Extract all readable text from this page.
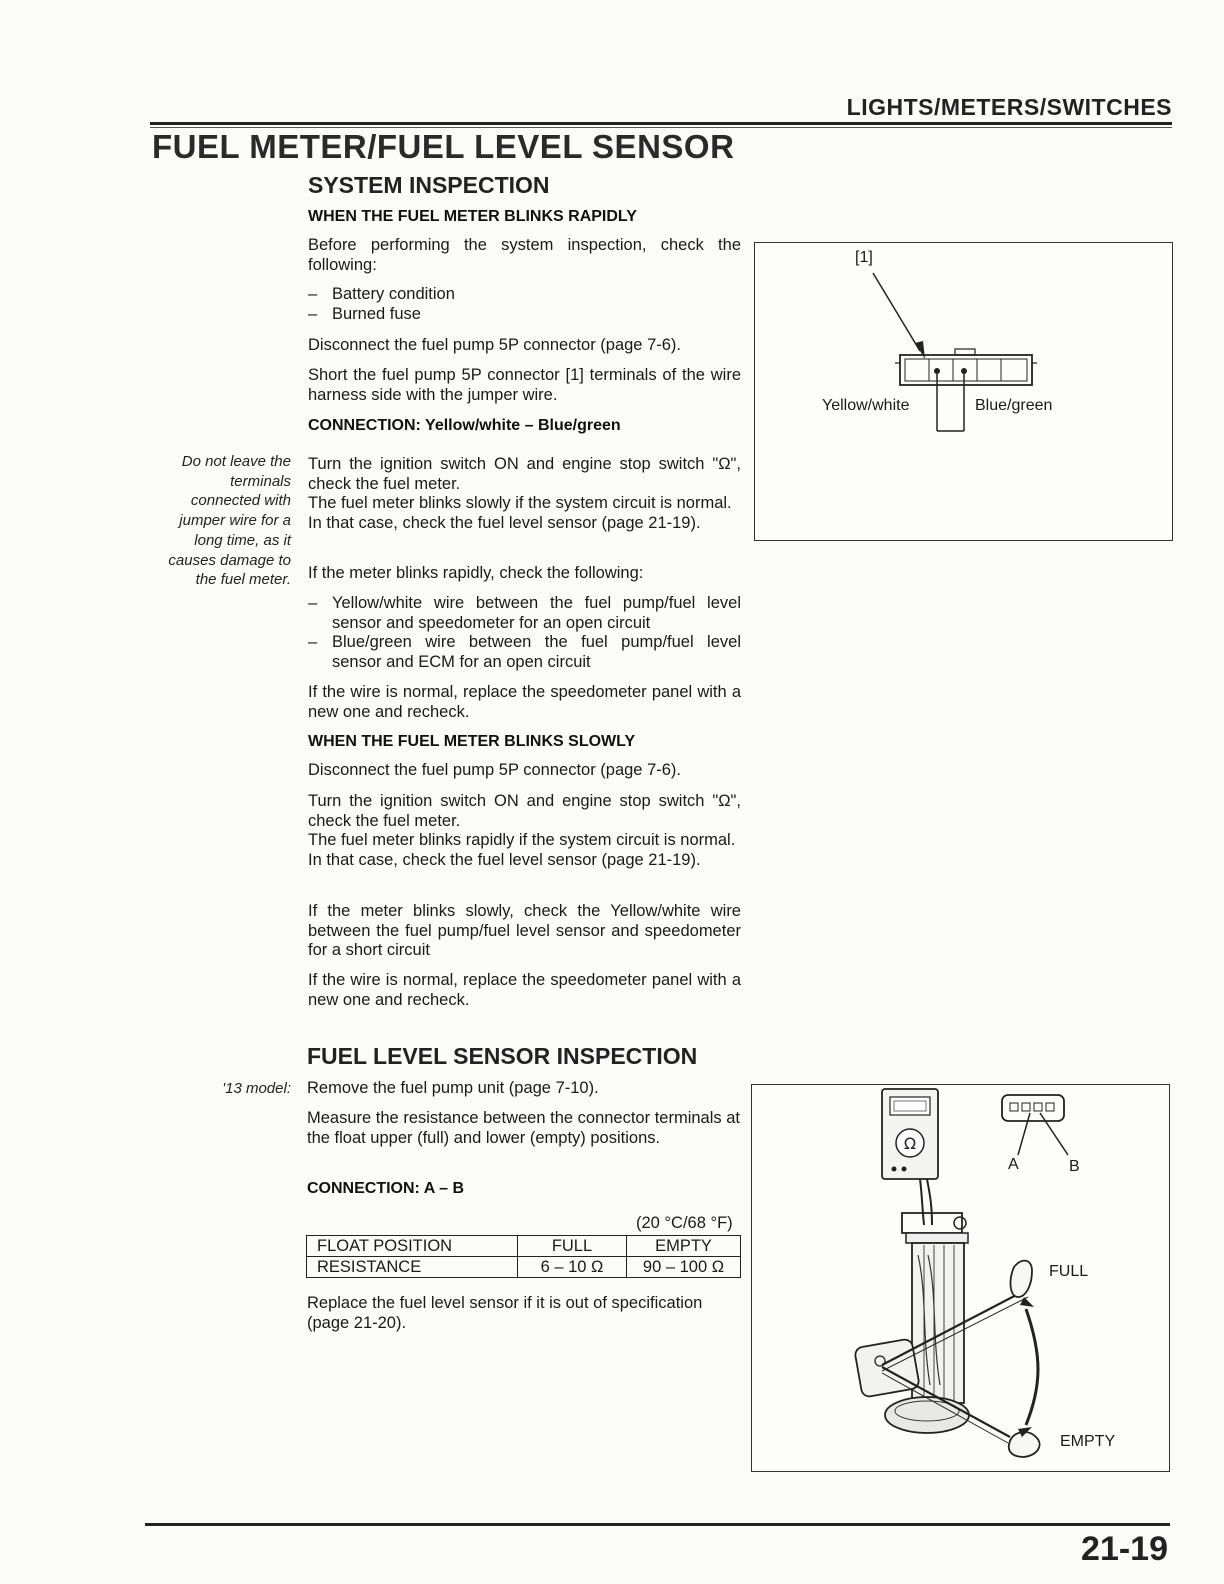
LIGHTS/METERS/SWITCHES
FUEL METER/FUEL LEVEL SENSOR
SYSTEM INSPECTION
WHEN THE FUEL METER BLINKS RAPIDLY
Before performing the system inspection, check the following:
– Battery condition
– Burned fuse
Disconnect the fuel pump 5P connector (page 7-6).
Short the fuel pump 5P connector [1] terminals of the wire harness side with the jumper wire.
CONNECTION: Yellow/white – Blue/green
Turn the ignition switch ON and engine stop switch "Ω", check the fuel meter.
The fuel meter blinks slowly if the system circuit is normal.
In that case, check the fuel level sensor (page 21-19).
If the meter blinks rapidly, check the following:
– Yellow/white wire between the fuel pump/fuel level sensor and speedometer for an open circuit
– Blue/green wire between the fuel pump/fuel level sensor and ECM for an open circuit
If the wire is normal, replace the speedometer panel with a new one and recheck.
Do not leave the
terminals
connected with
jumper wire for a
long time, as it
causes damage to
the fuel meter.
WHEN THE FUEL METER BLINKS SLOWLY
Disconnect the fuel pump 5P connector (page 7-6).
Turn the ignition switch ON and engine stop switch "Ω", check the fuel meter.
The fuel meter blinks rapidly if the system circuit is normal.
In that case, check the fuel level sensor (page 21-19).
If the meter blinks slowly, check the Yellow/white wire between the fuel pump/fuel level sensor and speedometer for a short circuit
If the wire is normal, replace the speedometer panel with a new one and recheck.
[1]
Yellow/white	Blue/green
FUEL LEVEL SENSOR INSPECTION
'13 model: Remove the fuel pump unit (page 7-10).
Measure the resistance between the connector terminals at the float upper (full) and lower (empty) positions.
CONNECTION: A – B
(20 °C/68 °F)
FLOAT POSITION	FULL	EMPTY
RESISTANCE	6 – 10 Ω	90 – 100 Ω
Replace the fuel level sensor if it is out of specification (page 21-20).
Ω
A	B
FULL
EMPTY
21-19
